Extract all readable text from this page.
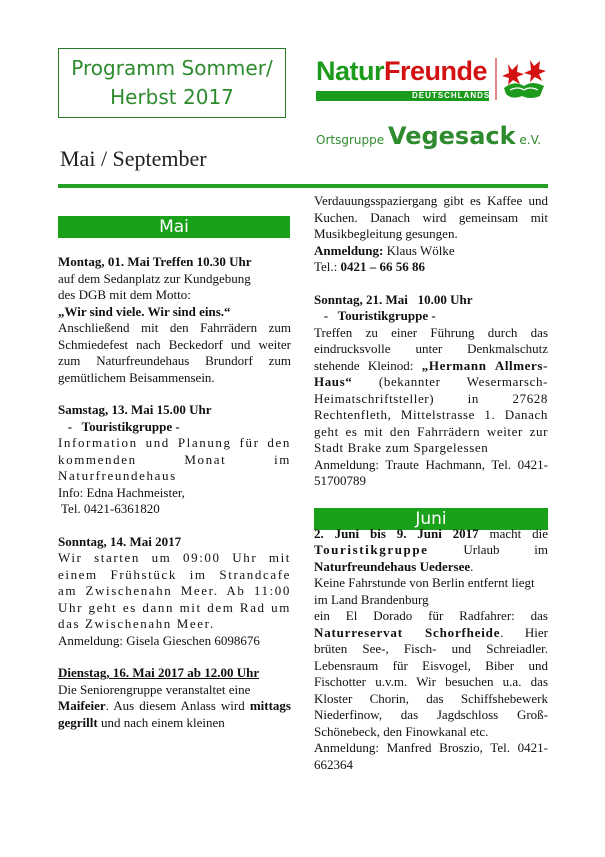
Programm Sommer/
Herbst 2017
NaturFreunde
DEUTSCHLANDS
Ortsgruppe Vegesack e.V.
Mai / September
Mai
Juni

Montag, 01. Mai Treffen 10.30 Uhr

auf dem Sedanplatz zur Kundgebung

des DGB mit dem Motto:

„Wir sind viele. Wir sind eins.“

Anschließend mit den Fahrrädern zum Schmiedefest nach Beckedorf und weiter zum Naturfreundehaus Brundorf zum gemütlichem Beisammensein.

Samstag, 13. Mai 15.00 Uhr

-   Touristikgruppe -

Information und Planung für den kommenden Monat im Naturfreundehaus

Info: Edna Hachmeister,

Tel. 0421-6361820

Sonntag, 14. Mai 2017

Wir starten um 09:00 Uhr mit einem Frühstück im Strandcafe am Zwischenahn Meer. Ab 11:00 Uhr geht es dann mit dem Rad um das Zwischenahn Meer.

Anmeldung: Gisela Gieschen 6098676

Dienstag, 16. Mai 2017 ab 12.00 Uhr

Die Seniorengruppe veranstaltet eine

Maifeier. Aus diesem Anlass wird mittags gegrillt und nach einem kleinen

Verdauungsspaziergang gibt es Kaffee und Kuchen. Danach wird gemeinsam mit Musikbegleitung gesungen.

Anmeldung: Klaus Wölke

Tel.: 0421 – 66 56 86

Sonntag, 21. Mai   10.00 Uhr

-   Touristikgruppe -

Treffen zu einer Führung durch das eindrucksvolle unter Denkmalschutz stehende Kleinod: „Hermann Allmers-Haus“ (bekannter Wesermarsch-Heimatschriftsteller) in 27628 Rechtenfleth, Mittelstrasse 1. Danach geht es mit den Fahrrädern weiter zur Stadt Brake zum Spargelessen

Anmeldung: Traute Hachmann, Tel. 0421-51700789

2. Juni bis 9. Juni 2017 macht die Touristikgruppe Urlaub im Naturfreundehaus Uedersee.

Keine Fahrstunde von Berlin entfernt liegt im Land Brandenburg

ein El Dorado für Radfahrer: das Naturreservat Schorfheide. Hier brüten See-, Fisch- und Schreiadler. Lebensraum für Eisvogel, Biber und Fischotter u.v.m. Wir besuchen u.a. das Kloster Chorin, das Schiffshebewerk Niederfinow, das Jagdschloss Groß-Schönebeck, den Finowkanal etc.

Anmeldung: Manfred Broszio, Tel. 0421-662364
